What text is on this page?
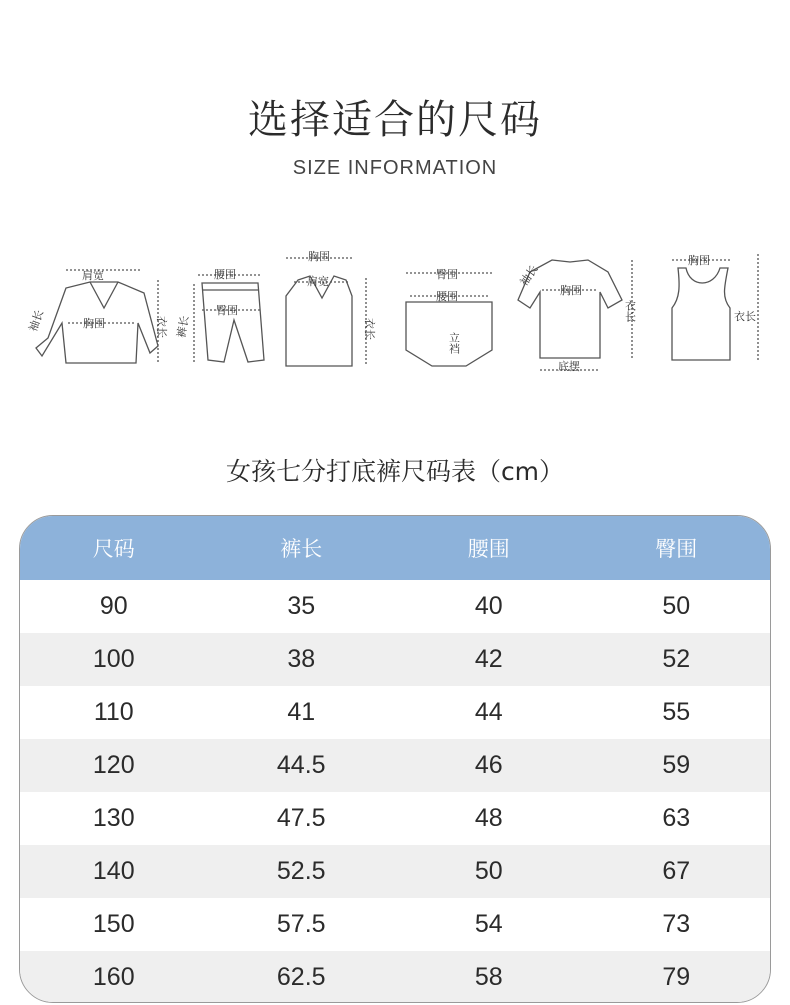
选择适合的尺码
SIZE INFORMATION
肩宽
胸围
袖长	衣长
腰围
臀围
裤长
胸围
肩宽
衣长
臀围
腰围
立裆
胸围
袖长
衣长
底摆
胸围
衣长
女孩七分打底裤尺码表（cm）
尺码	裤长	腰围	臀围
90	35	40	50
100	38	42	52
110	41	44	55
120	44.5	46	59
130	47.5	48	63
140	52.5	50	67
150	57.5	54	73
160	62.5	58	79
